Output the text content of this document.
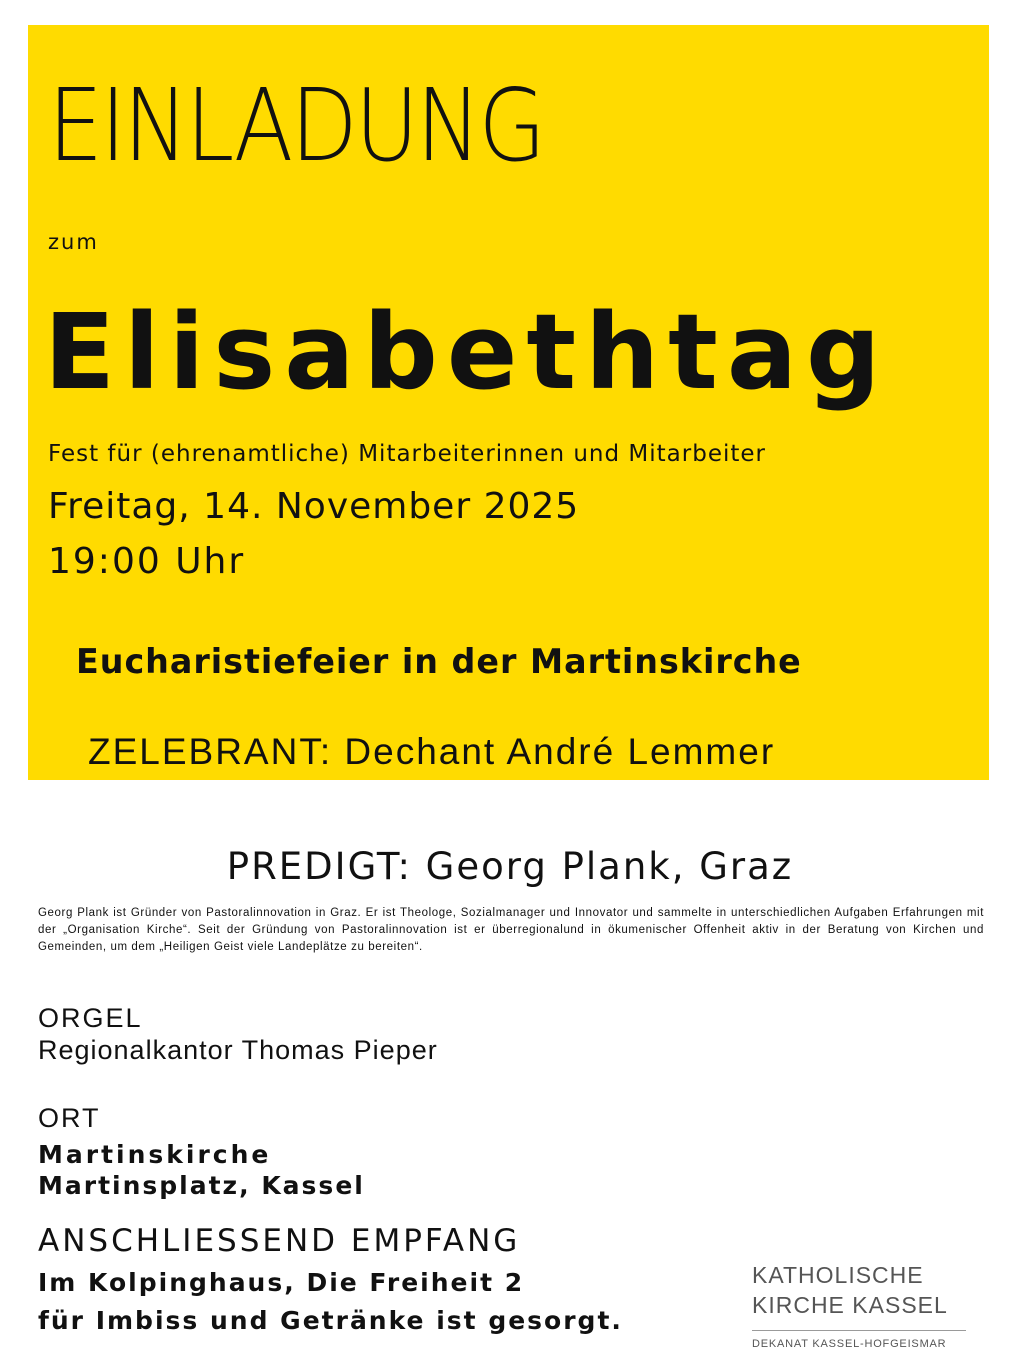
EINLADUNG
zum
Elisabethtag
Fest für (ehrenamtliche) Mitarbeiterinnen und Mitarbeiter
Freitag, 14. November 2025
19:00 Uhr
Eucharistiefeier in der Martinskirche
ZELEBRANT: Dechant André Lemmer
PREDIGT: Georg Plank, Graz
Georg Plank ist Gründer von Pastoralinnovation in Graz. Er ist Theologe, Sozialmanager und Innovator und sammelte in unterschiedlichen Aufgaben Erfahrungen mit der „Organisation Kirche“. Seit der Gründung von Pastoralinnovation ist er überregionalund in ökumenischer Offenheit aktiv in der Beratung von Kirchen und Gemeinden, um dem „Heiligen Geist viele Landeplätze zu bereiten“.
ORGEL
Regionalkantor Thomas Pieper
ORT
Martinskirche
Martinsplatz, Kassel
ANSCHLIESSEND EMPFANG
Im Kolpinghaus, Die Freiheit 2
für Imbiss und Getränke ist gesorgt.
KATHOLISCHE
KIRCHE KASSEL
DEKANAT KASSEL-HOFGEISMAR
